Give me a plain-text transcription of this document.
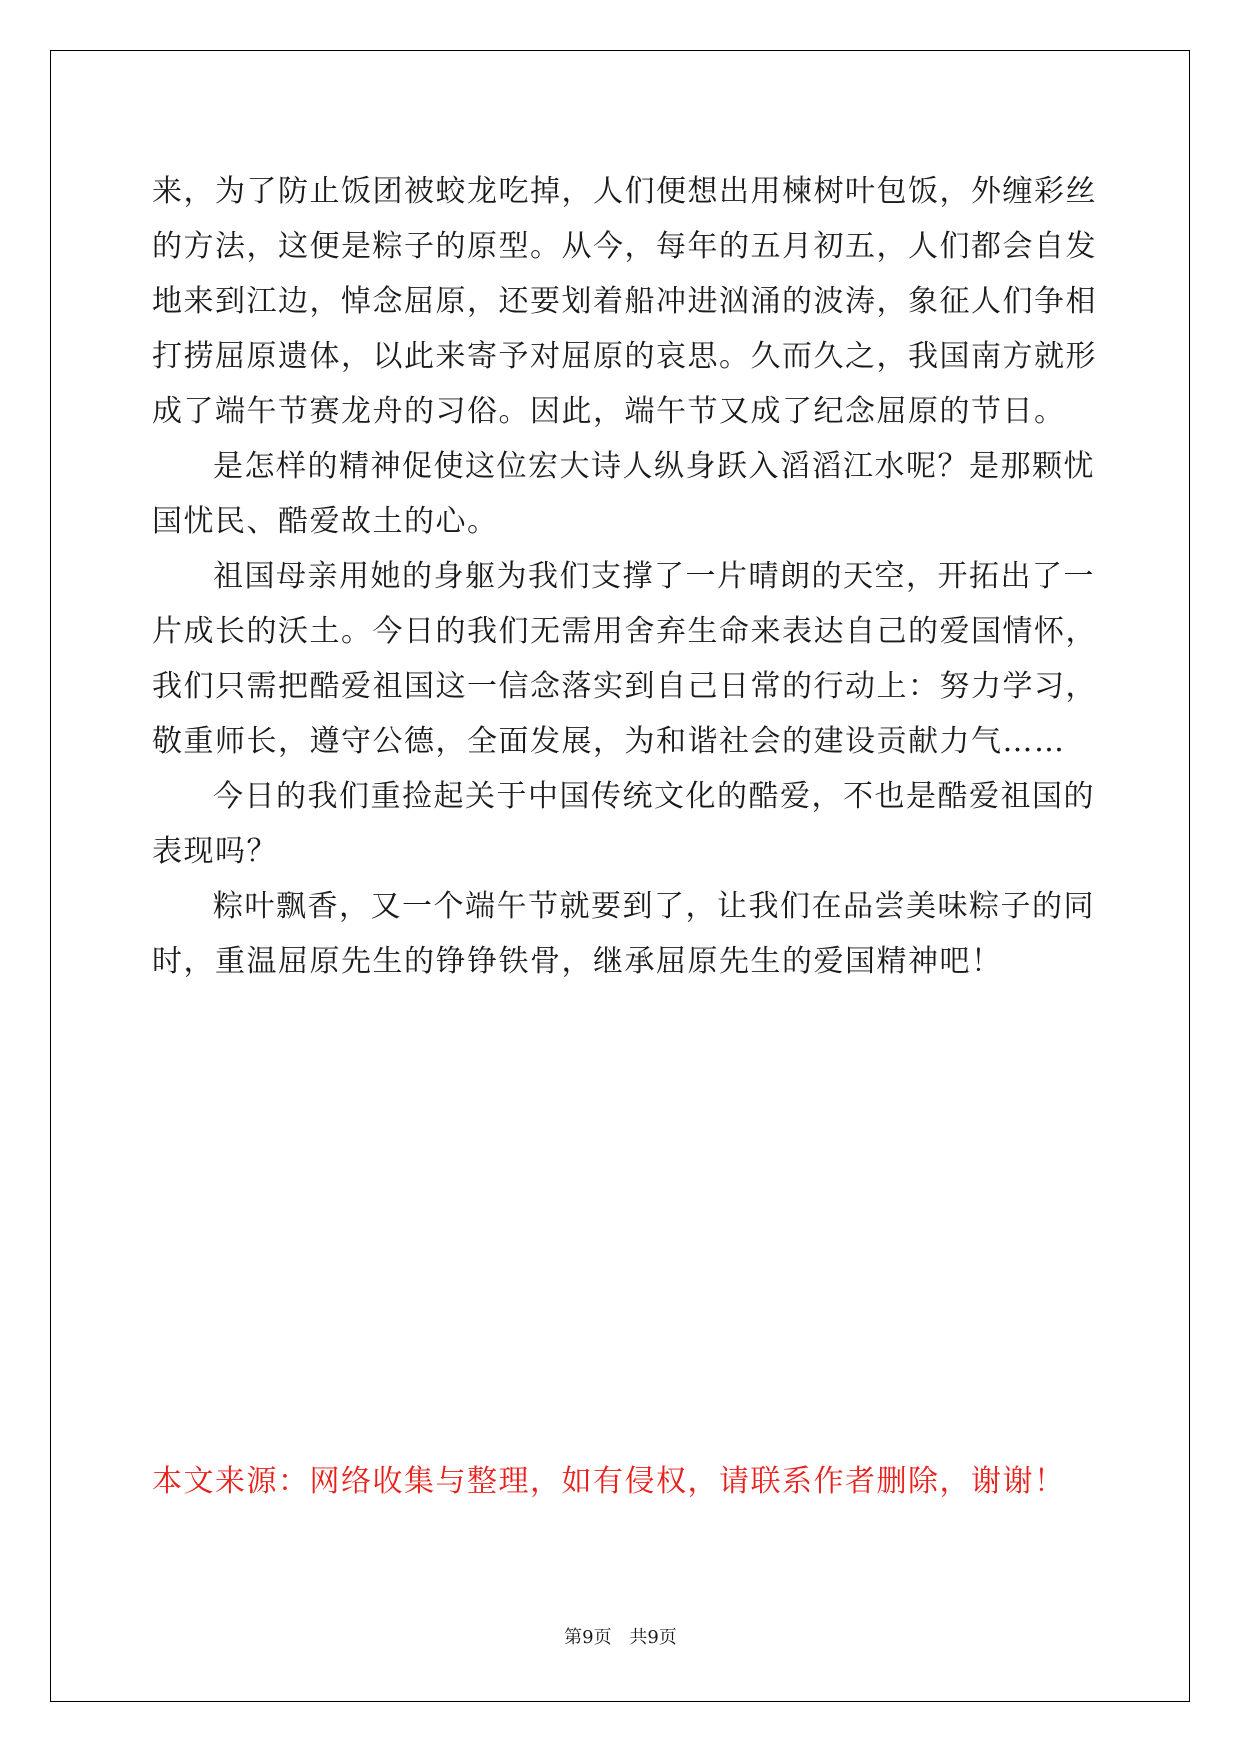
来，为了防止饭团被蛟龙吃掉，人们便想出用楝树叶包饭，外缠彩丝
的方法，这便是粽子的原型。从今，每年的五月初五，人们都会自发
地来到江边，悼念屈原，还要划着船冲进汹涌的波涛，象征人们争相
打捞屈原遗体，以此来寄予对屈原的哀思。久而久之，我国南方就形
成了端午节赛龙舟的习俗。因此，端午节又成了纪念屈原的节日。
是怎样的精神促使这位宏大诗人纵身跃入滔滔江水呢？是那颗忧
国忧民、酷爱故土的心。
祖国母亲用她的身躯为我们支撑了一片晴朗的天空，开拓出了一
片成长的沃土。今日的我们无需用舍弃生命来表达自己的爱国情怀，
我们只需把酷爱祖国这一信念落实到自己日常的行动上：努力学习，
敬重师长，遵守公德，全面发展，为和谐社会的建设贡献力气……
今日的我们重捡起关于中国传统文化的酷爱，不也是酷爱祖国的
表现吗？
粽叶飘香，又一个端午节就要到了，让我们在品尝美味粽子的同
时，重温屈原先生的铮铮铁骨，继承屈原先生的爱国精神吧！
本文来源：网络收集与整理，如有侵权，请联系作者删除，谢谢！
第9页 共9页
